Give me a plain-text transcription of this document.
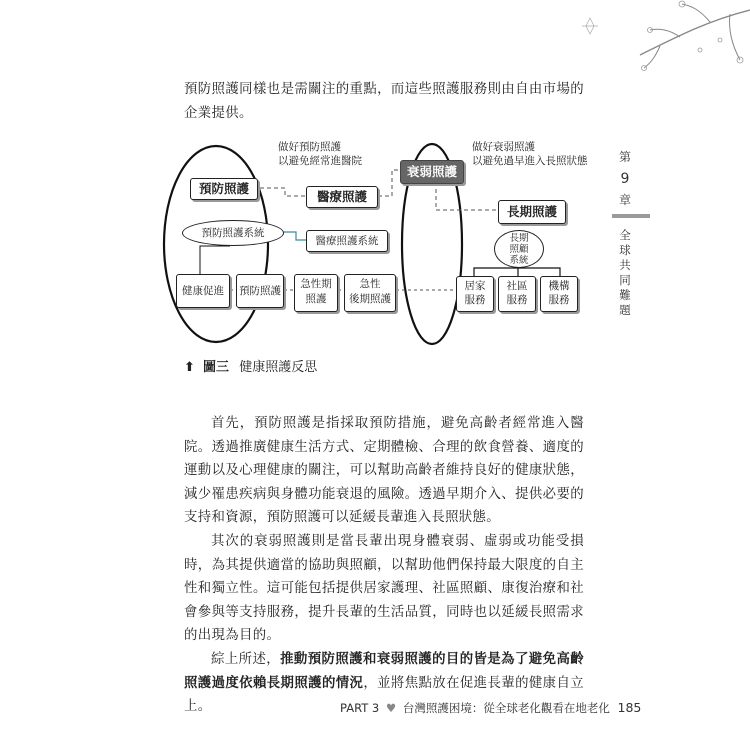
預防照護同樣也是需關注的重點，而這些照護服務則由自由市場的企業提供。

做好預防照護
以避免經常進醫院
做好衰弱照護
以避免過早進入長照狀態
預防照護
醫療照護
衰弱照護
長期照護
預防照護系統
醫療照護系統	長期
照顧
系統
健康促進	預防照護
急性期
照護
急性
後期照護
居家
服務
社區
服務
機構
服務
⬆ 圖三 健康照護反思

首先，預防照護是指採取預防措施，避免高齡者經常進入醫院。透過推廣健康生活方式、定期體檢、合理的飲食營養、適度的運動以及心理健康的關注，可以幫助高齡者維持良好的健康狀態，減少罹患疾病與身體功能衰退的風險。透過早期介入、提供必要的支持和資源，預防照護可以延緩長輩進入長照狀態。

其次的衰弱照護則是當長輩出現身體衰弱、虛弱或功能受損時，為其提供適當的協助與照顧，以幫助他們保持最大限度的自主性和獨立性。這可能包括提供居家護理、社區照顧、康復治療和社會參與等支持服務，提升長輩的生活品質，同時也以延緩長照需求的出現為目的。

綜上所述，推動預防照護和衰弱照護的目的皆是為了避免高齡照護過度依賴長期照護的情況，並將焦點放在促進長輩的健康自立上。

第
9
章
全
球
共
同
難
題
PART 3 ♥ 台灣照護困境：從全球老化觀看在地老化 185
